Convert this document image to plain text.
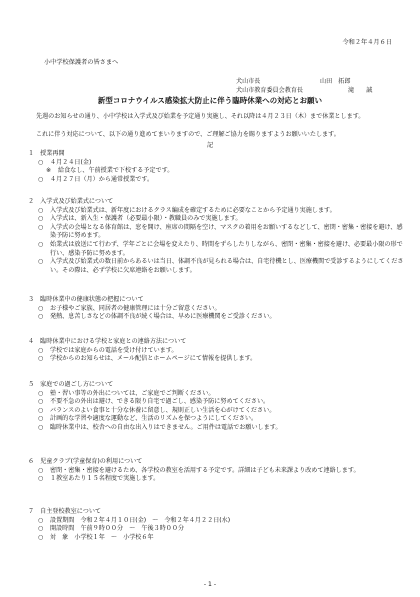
令和２年４月６日
小中学校保護者の皆さまへ
犬山市長	山田　拓郎
犬山市教育委員会教育長	滝　　誠
新型コロナウイルス感染拡大防止に伴う臨時休業への対応とお願い
先週のお知らせの通り、小中学校は入学式及び始業を予定通り実施し、それ以降は４月２３日（木）まで休業とします。
これに伴う対応について、以下の通り進めてまいりますので、ご理解ご協力を賜りますようお願いいたします。
記
１　授業再開
○ ４月２４日(金)
※ 給食なし、午前授業で下校する予定です。
○ ４月２７日（月）から通常授業です。
２　入学式及び始業式について
○ 入学式及び始業式は、新年度におけるクラス編成を確定するために必要なことから予定通り実施します。
○ 入学式は、新入生・保護者（必要最小限）・教職員のみで実施します。
○ 入学式の会場となる体育館は、窓を開け、座席の間隔を空け、マスクの着用をお願いするなどして、密閉・密集・密接を避け、感染予防に努めます。
○ 始業式は放送にて行わず、学年ごとに会場を変えたり、時間をずらしたりしながら、密閉・密集・密接を避け、必要最小限の形で行い、感染予防に努めます。
○ 入学式及び始業式の数日前からあるいは当日、体調不良が見られる場合は、自宅待機とし、医療機関で受診するようにしてください。その際は、必ず学校に欠席連絡をお願いします。
３　臨時休業中の健康状態の把握について
○ お子様やご家族、同居者の健康管理には十分ご留意ください。
○ 発熱、息苦しさなどの体調不良が続く場合は、早めに医療機関をご受診ください。
４　臨時休業中における学校と家庭との連絡方法について
○ 学校では家庭からの電話を受け付けています。
○ 学校からのお知らせは、メール配信とホームページにて情報を提供します。
５　家庭での過ごし方について
○ 塾・習い事等の外出については、ご家庭でご判断ください。
○ 不要不急の外出は避け、できる限り自宅で過ごし、感染予防に努めてください。
○ バランスのよい食事と十分な休養に留意し、規則正しい生活を心がけてください。
○ 計画的な学習や適度な運動など、生活のリズムを保つようにしてください。
○ 臨時休業中は、校舎への自由な出入りはできません。ご用件は電話でお願いします。
６　児童クラブ(学童保育)の利用について
○ 密閉・密集・密接を避けるため、各学校の教室を活用する予定です。詳細は子ども未来課より改めて連絡します。
○ １教室あたり１５名程度で実施します。
７　自主登校教室について
○ 設置期間　令和２年４月１０日(金)　～　令和２年４月２２日(水)
○ 開設時間　午前９時００分　～　午後３時００分
○ 対　象　小学校１年　～　小学校６年
- 1 -
